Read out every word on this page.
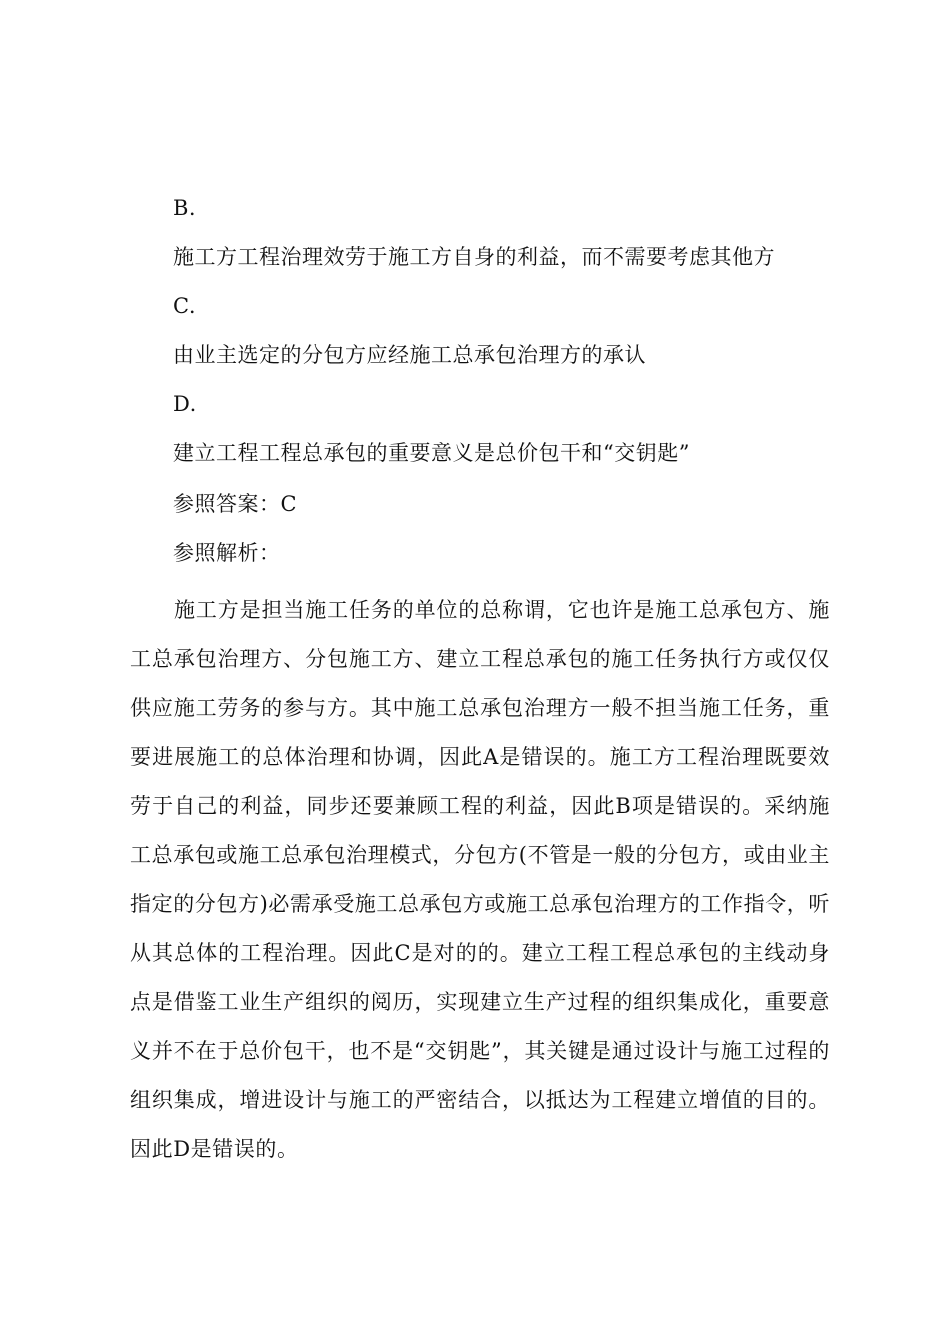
B.
施工方工程治理效劳于施工方自身的利益，而不需要考虑其他方
C.
由业主选定的分包方应经施工总承包治理方的承认
D.
建立工程工程总承包的重要意义是总价包干和“交钥匙”
参照答案：C
参照解析：

施工方是担当施工任务的单位的总称谓，它也许是施工总承包方、施工总承包治理方、分包施工方、建立工程总承包的施工任务执行方或仅仅供应施工劳务的参与方。其中施工总承包治理方一般不担当施工任务，重要进展施工的总体治理和协调，因此A是错误的。施工方工程治理既要效劳于自己的利益，同步还要兼顾工程的利益，因此B项是错误的。采纳施工总承包或施工总承包治理模式，分包方(不管是一般的分包方，或由业主指定的分包方)必需承受施工总承包方或施工总承包治理方的工作指令，听从其总体的工程治理。因此C是对的的。建立工程工程总承包的主线动身点是借鉴工业生产组织的阅历，实现建立生产过程的组织集成化，重要意义并不在于总价包干，也不是“交钥匙”，其关键是通过设计与施工过程的组织集成，增进设计与施工的严密结合，以抵达为工程建立增值的目的。因此D是错误的。
